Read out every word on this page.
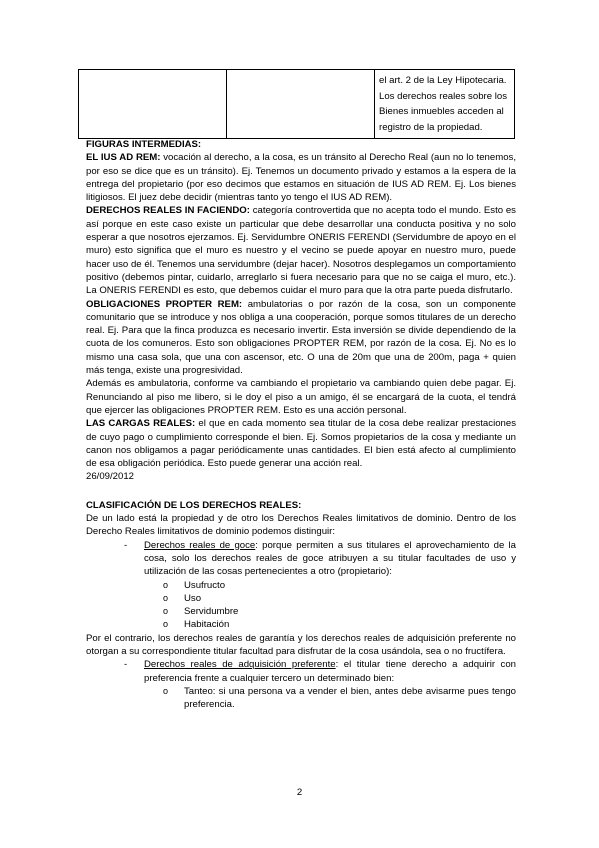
el art. 2 de la Ley Hipotecaria.
Los derechos reales sobre los
Bienes inmuebles acceden al
registro de la propiedad.

FIGURAS INTERMEDIAS:

EL IUS AD REM: vocación al derecho, a la cosa, es un tránsito al Derecho Real (aun no lo tenemos, por eso se dice que es un tránsito). Ej. Tenemos un documento privado y estamos a la espera de la entrega del propietario (por eso decimos que estamos en situación de IUS AD REM. Ej. Los bienes litigiosos. El juez debe decidir (mientras tanto yo tengo el IUS AD REM).

DERECHOS REALES IN FACIENDO: categoría controvertida que no acepta todo el mundo. Esto es así porque en este caso existe un particular que debe desarrollar una conducta positiva y no solo esperar a que nosotros ejerzamos. Ej. Servidumbre ONERIS FERENDI (Servidumbre de apoyo en el muro) esto significa que el muro es nuestro y el vecino se puede apoyar en nuestro muro, puede hacer uso de él. Tenemos una servidumbre (dejar hacer). Nosotros desplegamos un comportamiento positivo (debemos pintar, cuidarlo, arreglarlo si fuera necesario para que no se caiga el muro, etc.). La ONERIS FERENDI es esto, que debemos cuidar el muro para que la otra parte pueda disfrutarlo.

OBLIGACIONES PROPTER REM: ambulatorias o por razón de la cosa, son un componente comunitario que se introduce y nos obliga a una cooperación, porque somos titulares de un derecho real. Ej. Para que la finca produzca es necesario invertir. Esta inversión se divide dependiendo de la cuota de los comuneros. Esto son obligaciones PROPTER REM, por razón de la cosa. Ej. No es lo mismo una casa sola, que una con ascensor, etc. O una de 20m que una de 200m, paga + quien más tenga, existe una progresividad.

Además es ambulatoria, conforme va cambiando el propietario va cambiando quien debe pagar. Ej. Renunciando al piso me libero, si le doy el piso a un amigo, él se encargará de la cuota, el tendrá que ejercer las obligaciones PROPTER REM. Esto es una acción personal.

LAS CARGAS REALES: el que en cada momento sea titular de la cosa debe realizar prestaciones de cuyo pago o cumplimiento corresponde el bien. Ej. Somos propietarios de la cosa y mediante un canon nos obligamos a pagar periódicamente unas cantidades. El bien está afecto al cumplimiento de esa obligación periódica. Esto puede generar una acción real.

26/09/2012

CLASIFICACIÓN DE LOS DERECHOS REALES:

De un lado está la propiedad y de otro los Derechos Reales limitativos de dominio. Dentro de los Derecho Reales limitativos de dominio podemos distinguir:

- Derechos reales de goce: porque permiten a sus titulares el aprovechamiento de la cosa, solo los derechos reales de goce atribuyen a su titular facultades de uso y utilización de las cosas pertenecientes a otro (propietario):
o Usufructo
o Uso
o Servidumbre
o Habitación

Por el contrario, los derechos reales de garantía y los derechos reales de adquisición preferente no otorgan a su correspondiente titular facultad para disfrutar de la cosa usándola, sea o no fructífera.

- Derechos reales de adquisición preferente: el titular tiene derecho a adquirir con preferencia frente a cualquier tercero un determinado bien:
o Tanteo: si una persona va a vender el bien, antes debe avisarme pues tengo preferencia.
2
